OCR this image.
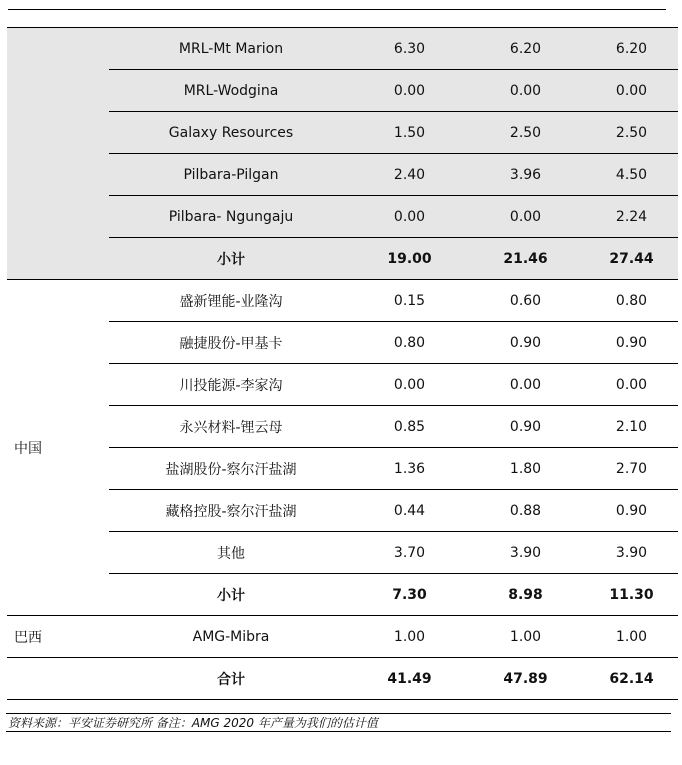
	MRL-Mt Marion	6.30	6.20	6.20
	MRL-Wodgina	0.00	0.00	0.00
	Galaxy Resources	1.50	2.50	2.50
	Pilbara-Pilgan	2.40	3.96	4.50
	Pilbara- Ngungaju	0.00	0.00	2.24
	小计	19.00	21.46	27.44
中国	盛新锂能-业隆沟	0.15	0.60	0.80
	融捷股份-甲基卡	0.80	0.90	0.90
	川投能源-李家沟	0.00	0.00	0.00
	永兴材料-锂云母	0.85	0.90	2.10
	盐湖股份-察尔汗盐湖	1.36	1.80	2.70
	藏格控股-察尔汗盐湖	0.44	0.88	0.90
	其他	3.70	3.90	3.90
	小计	7.30	8.98	11.30
巴西	AMG-Mibra	1.00	1.00	1.00
	合计	41.49	47.89	62.14
资料来源：平安证券研究所 备注：AMG 2020 年产量为我们的估计值
